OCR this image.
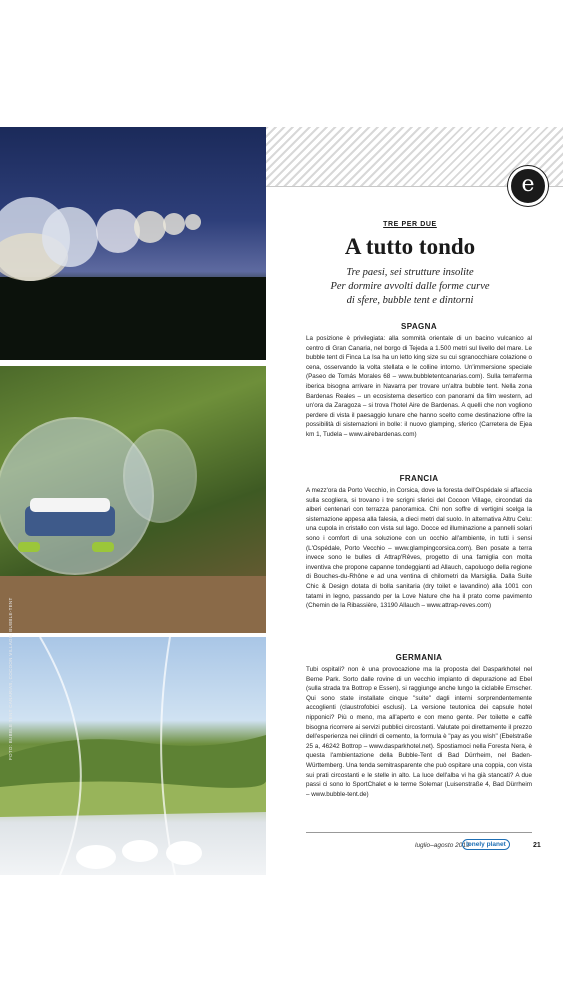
FOTO: BUBBLE TENT CANARIAS, COCOON VILLAGE, BUBBLE-TENT
e
TRE PER DUE
A tutto tondo
Tre paesi, sei strutture insolite
Per dormire avvolti dalle forme curve
di sfere, bubble tent e dintorni
SPAGNA

La posizione è privilegiata: alla sommità orientale di un bacino vulcanico al centro di Gran Canaria, nel borgo di Tejeda a 1.500 metri sul livello del mare. Le bubble tent di Finca La Isa ha un letto king size su cui sgranocchiare colazione o cena, osservando la volta stellata e le colline intorno. Un'immersione speciale (Paseo de Tomás Morales 68 – www.bubbletentcanarias.com). Sulla terraferma iberica bisogna arrivare in Navarra per trovare un'altra bubble tent. Nella zona Bardenas Reales – un ecosistema desertico con panorami da film western, ad un'ora da Zaragoza – si trova l'hotel Aire de Bardenas. A quelli che non vogliono perdere di vista il paesaggio lunare che hanno scelto come destinazione offre la possibilità di sistemazioni in bolle: il nuovo glamping, sferico (Carretera de Ejea km 1, Tudela – www.airebardenas.com)

FRANCIA

A mezz'ora da Porto Vecchio, in Corsica, dove la foresta dell'Ospédale si affaccia sulla scogliera, si trovano i tre scrigni sferici del Cocoon Village, circondati da alberi centenari con terrazza panoramica. Chi non soffre di vertigini scelga la sistemazione appesa alla falesia, a dieci metri dal suolo. In alternativa Altru Celu: una cupola in cristallo con vista sul lago. Docce ed illuminazione a pannelli solari sono i comfort di una soluzione con un occhio all'ambiente, in tutti i sensi (L'Ospédale, Porto Vecchio – www.glampingcorsica.com). Ben posate a terra invece sono le bulles di Attrap'Rêves, progetto di una famiglia con molta inventiva che propone capanne tondeggianti ad Allauch, capoluogo della regione di Bouches-du-Rhône e ad una ventina di chilometri da Marsiglia. Dalla Suite Chic & Design dotata di bolla sanitaria (dry toilet e lavandino) alla 1001 con tatami in legno, passando per la Love Nature che ha il prato come pavimento (Chemin de la Ribassière, 13190 Allauch – www.attrap-reves.com)

GERMANIA

Tubi ospitali? non è una provocazione ma la proposta del Dasparkhotel nel Berne Park. Sorto dalle rovine di un vecchio impianto di depurazione ad Ebel (sulla strada tra Bottrop e Essen), si raggiunge anche lungo la ciclabile Emscher. Qui sono state installate cinque "suite" dagli interni sorprendentemente accoglienti (claustrofobici esclusi). La versione teutonica dei capsule hotel nipponici? Più o meno, ma all'aperto e con meno gente. Per toilette e caffè bisogna ricorrere ai servizi pubblici circostanti. Valutate poi direttamente il prezzo dell'esperienza nei cilindri di cemento, la formula è "pay as you wish" (Ebelstraße 25 a, 46242 Bottrop – www.dasparkhotel.net). Spostiamoci nella Foresta Nera, è questa l'ambientazione della Bubble-Tent di Bad Dürrheim, nel Baden-Württemberg. Una tenda semitrasparente che può ospitare una coppia, con vista sui prati circostanti e le stelle in alto. La luce dell'alba vi ha già stancati? A due passi ci sono lo SportChalet e le terme Solemar (Luisenstraße 4, Bad Dürrheim – www.bubble-tent.de)

luglio–agosto 2019
lonely planet	21
